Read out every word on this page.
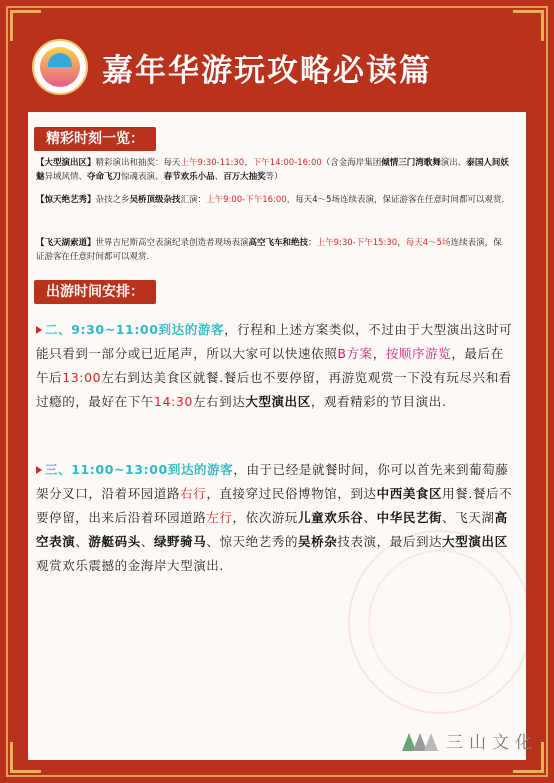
嘉年华游玩攻略必读篇
精彩时刻一览：
【大型演出区】精彩演出和抽奖：每天上午9:30-11:30、下午14:00-16:00（含金海岸集团倾情三门湾歌舞演出、泰国人间妖魅异域风情、夺命飞刀惊魂表演、春节欢乐小品、百万大抽奖等）
【惊天绝艺秀】杂技之乡吴桥顶级杂技汇演：上午9:00-下午16:00，每天4～5场连续表演，保证游客在任意时间都可以观赏.
【飞天湖索道】世界吉尼斯高空表演纪录创造者现场表演高空飞车和绝技：上午9:30-下午15:30，每天4～5场连续表演，保证游客在任意时间都可以观赏.
出游时间安排：
二、9:30~11:00到达的游客，行程和上述方案类似，不过由于大型演出这时可能只看到一部分或已近尾声，所以大家可以快速依照B方案，按顺序游览，最后在午后13:00左右到达美食区就餐.餐后也不要停留，再游览观赏一下没有玩尽兴和看过瘾的，最好在下午14:30左右到达大型演出区，观看精彩的节目演出.
三、11:00~13:00到达的游客，由于已经是就餐时间，你可以首先来到葡萄藤架分叉口，沿着环园道路右行，直接穿过民俗博物馆，到达中西美食区用餐.餐后不要停留，出来后沿着环园道路左行，依次游玩儿童欢乐谷、中华民艺街、飞天湖高空表演、游艇码头、绿野骑马、惊天绝艺秀的吴桥杂技表演，最后到达大型演出区观赏欢乐震撼的金海岸大型演出.
三山文化
